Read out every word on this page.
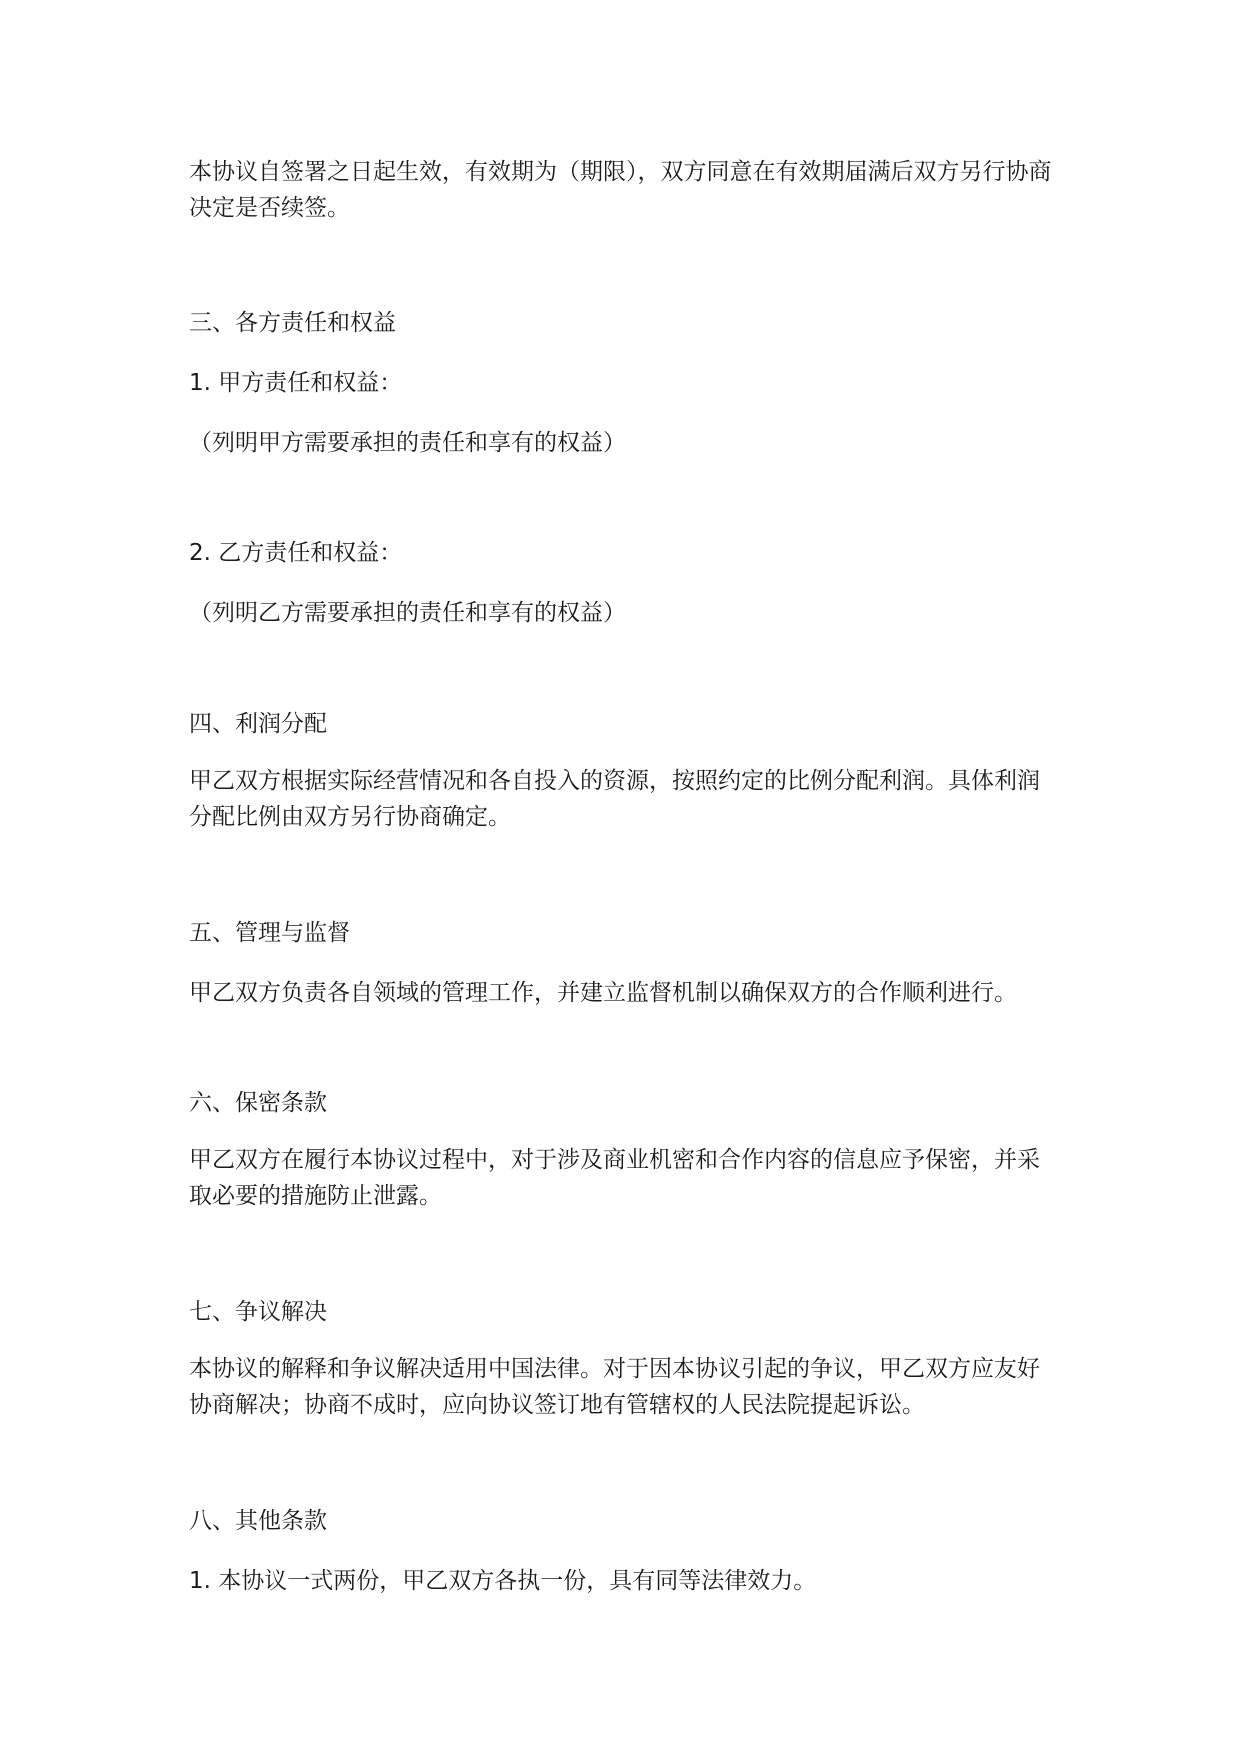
本协议自签署之日起生效，有效期为（期限），双方同意在有效期届满后双方另行协商决定是否续签。

三、各方责任和权益

1. 甲方责任和权益：

（列明甲方需要承担的责任和享有的权益）

2. 乙方责任和权益：

（列明乙方需要承担的责任和享有的权益）

四、利润分配

甲乙双方根据实际经营情况和各自投入的资源，按照约定的比例分配利润。具体利润分配比例由双方另行协商确定。

五、管理与监督

甲乙双方负责各自领域的管理工作，并建立监督机制以确保双方的合作顺利进行。

六、保密条款

甲乙双方在履行本协议过程中，对于涉及商业机密和合作内容的信息应予保密，并采取必要的措施防止泄露。

七、争议解决

本协议的解释和争议解决适用中国法律。对于因本协议引起的争议，甲乙双方应友好协商解决；协商不成时，应向协议签订地有管辖权的人民法院提起诉讼。

八、其他条款

1. 本协议一式两份，甲乙双方各执一份，具有同等法律效力。
